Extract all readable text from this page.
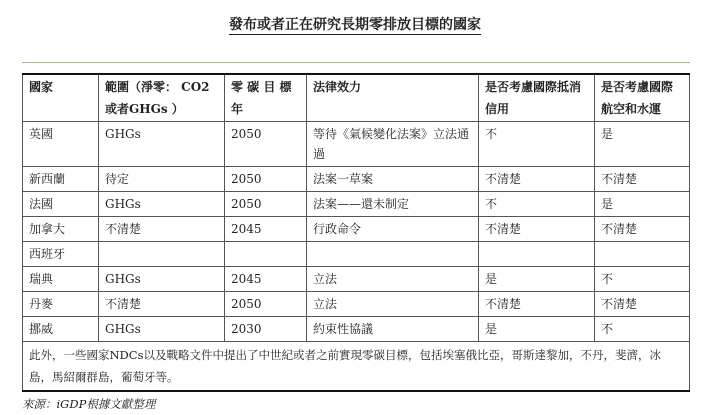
發布或者正在研究長期零排放目標的國家
國家	範圍（淨零： CO2 或者GHGs ）	零 碳 目 標年	法律效力	是否考慮國際抵消信用	是否考慮國際航空和水運
英國	GHGs	2050	等待《氣候變化法案》立法通過	不	是
新西蘭	待定	2050	法案一草案	不清楚	不清楚
法國	GHGs	2050	法案——還未制定	不	是
加拿大	不清楚	2045	行政命令	不清楚	不清楚
西班牙					
瑞典	GHGs	2045	立法	是	不
丹麥	不清楚	2050	立法	不清楚	不清楚
挪威	GHGs	2030	約束性協議	是	不
此外，一些國家NDCs以及戰略文件中提出了中世紀或者之前實現零碳目標，包括埃塞俄比亞，哥斯達黎加，不丹，斐濟，冰島，馬紹爾群島，葡萄牙等。					
來源：iGDP根據文獻整理
